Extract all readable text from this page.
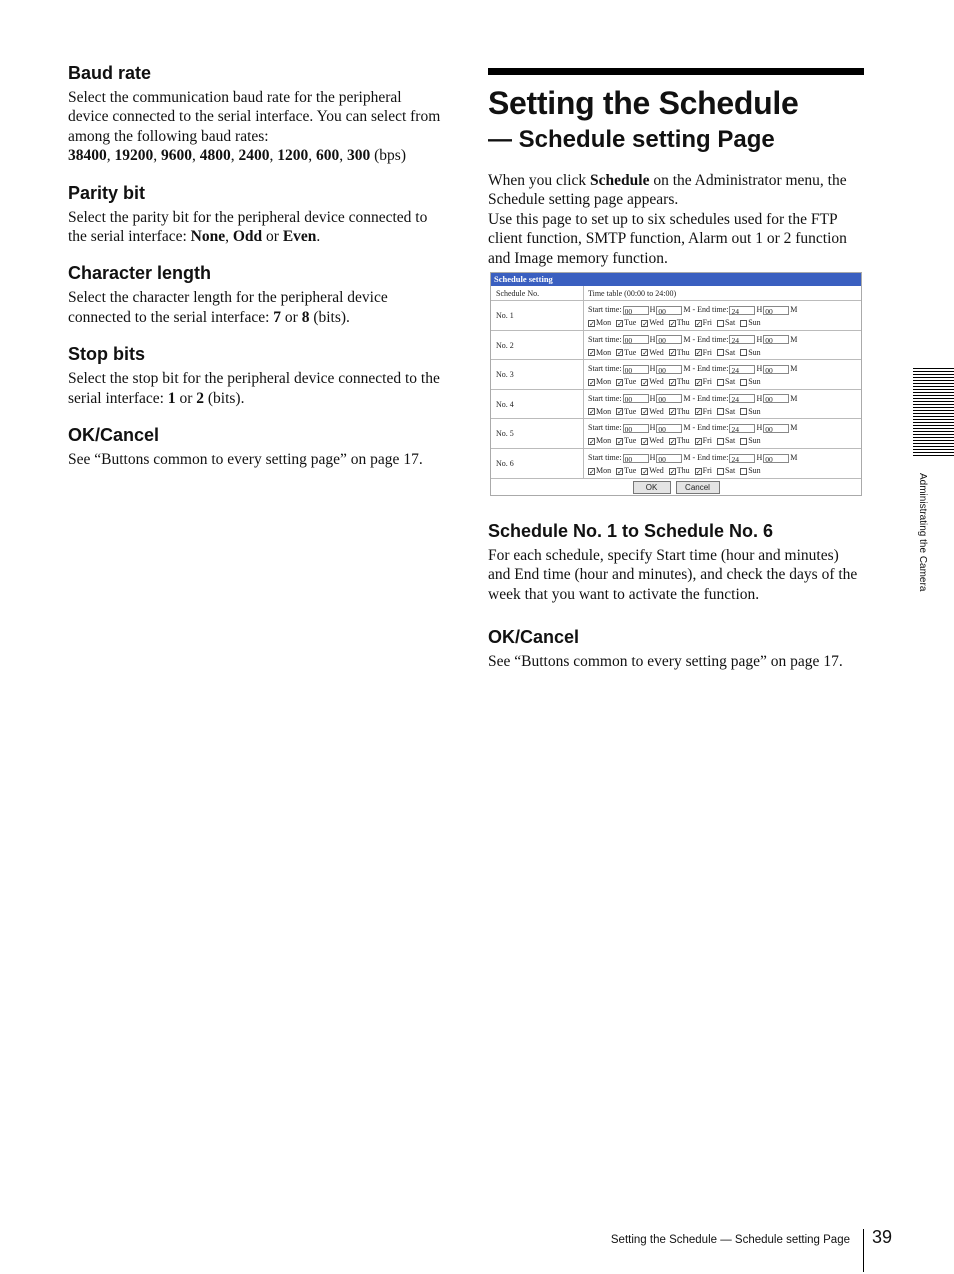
Baud rate

Select the communication baud rate for the peripheral device connected to the serial interface. You can select from among the following baud rates:
38400, 19200, 9600, 4800, 2400, 1200, 600, 300 (bps)

Parity bit

Select the parity bit for the peripheral device connected to the serial interface: None, Odd or Even.

Character length

Select the character length for the peripheral device connected to the serial interface: 7 or 8 (bits).

Stop bits

Select the stop bit for the peripheral device connected to the serial interface: 1 or 2 (bits).

OK/Cancel

See “Buttons common to every setting page” on page 17.

Setting the Schedule
— Schedule setting Page

When you click Schedule on the Administrator menu, the Schedule setting page appears.

Use this page to set up to six schedules used for the FTP client function, SMTP function, Alarm out 1 or 2 function and Image memory function.

Schedule setting
Schedule No.	Time table (00:00 to 24:00)
No. 1
Start time: 00 H 00 M - End time: 24 H 00 M
✓Mon ✓Tue ✓Wed ✓Thu ✓Fri Sat Sun
No. 2
Start time: 00 H 00 M - End time: 24 H 00 M
✓Mon ✓Tue ✓Wed ✓Thu ✓Fri Sat Sun
No. 3
Start time: 00 H 00 M - End time: 24 H 00 M
✓Mon ✓Tue ✓Wed ✓Thu ✓Fri Sat Sun
No. 4
Start time: 00 H 00 M - End time: 24 H 00 M
✓Mon ✓Tue ✓Wed ✓Thu ✓Fri Sat Sun
No. 5
Start time: 00 H 00 M - End time: 24 H 00 M
✓Mon ✓Tue ✓Wed ✓Thu ✓Fri Sat Sun
No. 6
Start time: 00 H 00 M - End time: 24 H 00 M
✓Mon ✓Tue ✓Wed ✓Thu ✓Fri Sat Sun
OK	Cancel
Schedule No. 1 to Schedule No. 6

For each schedule, specify Start time (hour and minutes) and End time (hour and minutes), and check the days of the week that you want to activate the function.

OK/Cancel

See “Buttons common to every setting page” on page 17.

Administrating the Camera
Setting the Schedule — Schedule setting Page 39
